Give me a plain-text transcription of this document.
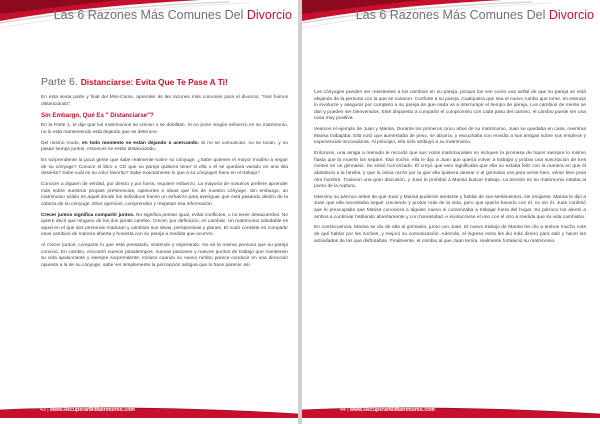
Las 6 Razones Más Comunes Del Divorcio
Parte 6. Distanciarse: Evita Que Te Pase A Ti!

En esta sexta parte y final del Mini-Curso, aprender ás las razones más comunes para el divorcio: "Nos fuimos distanciando".

Sin Embargo, Qué Es " Distanciarse"?

En la Parte 1, te dije que los matrimonios se crecen o se debilitan. Si no pone ningún esfuerzo en su matrimonio, no lo está manteniendo está dejando que se deteriore.

Del mismo modo, en todo momento se están dejando o acercando. Si no se comunican, no se tocan, y no pasan tiempo juntos, entonces se están distanciando.

Es sorprendente la poca gente que sabe realmente sobre su cónyuge. ¿Sabe quienes el mayor modelo a seguir de su cónyuge? Conoce el libro o CD que su pareja quisiera tener si ella o él se quedara varado en una isla desierta? Sabe cuál es su color favorito? Sabe exactamente lo que a su cónyuges hace en el trabajo?

Conocer a alguien de verdad, por dentro y por fuera, requiere esfuerzo. La mayoría de nosotros prefiere aprender más sobre nuestros propias preferencias, opiniones e ideas que los de nuestro cónyuge. Sin embargo, un matrimonio sólido es aquel donde los individuos hacen un esfuerzo para averiguar que está pasando dentro de la cabeza de su cónyuge. Ellos aprecian, comprenden y respetan esa información.

Crecer juntos significa compartir juntos. No significa pensar igual, evitar conflictos, o no tener desacuerdos. No quiere decir que ninguno de los dos jamás cambie. Crecer, por definición, es cambiar. Un matrimonio saludable es aquel en el que dos personas maduran y cambian sus ideas, perspectivas y planes. El nudo consiste en compartir esos cambios de manera abierta y honesta con su pareja a medida que ocurren.

Al crecer juntos, comparte lo que está pensando, sintiendo y esperando. No es la misma persona que su pareja conoció. En cambio, encontró nuevos pasatiempos, nuevas pasiones y nuevos puntos de trabajo que mantienen su vida apasionante y siempre sorprendente. Incluso cuando su nuevo rumbo parece conducir en una dirección opuesta a la de su cónyuge, sabe ver simplemente la percepción antigua que lo hace parecer así.

43 | www.RecuperarMiMatrimonio.com
Las 6 Razones Más Comunes Del Divorcio

Los cónyuges pueden ser resistentes a los cambios en su pareja, porque los ven como una señal de que su pareja se está alejando de la persona con la que se casaron. Conforte a su pareja. Cualquiera que sea el nuevo rumbo que tome, en esencia lo involucre y asegurar por completo a su pareja de que nada va a interrumpir el tiempo de pareja. Los cambios de mente se dan y pueden ser bienvenidos. Esté dispuesto a compartir el compromiso con cada paso del camino, el cambio puede ser una cosa muy positiva.

Veamos el ejemplo de Juan y Marisa. Durante los primeros cinco años de su matrimonio, Juan se quedaba en casa, mientras Marisa trabajaba. Ella notó que aumentaba de peso, se aburría, y escuchaba con envidia a sus amigas sobre sus empleos y experiencias innovadoras. Al principio, ella sólo atribuyó a su matrimonio.

Entonces, una amiga a menudo le recordó que sus votos matrimoniales no incluyen la promesa de hacer siempre lo mismo hasta que la muerte los separe. Esa noche, ella le dijo a Juan que quería volver a trabajar y probar una suscripción de tres meses en un gimnasio. Se sintió horrorizado. Él creyó que esto significaba que ella no estaba feliz con la manera en que él abastecía a la familia, y que la única razón por la que ella quisiera desear ir al gimnasio era para verse bien, verse bien para otro hombre. Tuvieron una gran discusión, y Juan le prohibió a Marisa buscar trabajo. La tensión en su matrimonio estaba al punto de la ruptura.

Intervino su párroco antes de que Juan y Marisa pudieran sentarse y hablar de sus sentimientos, sin enojarse. Marisa le dijo a Juan que ella necesitaba seguir creciendo y probar más de la vida, pero que quería hacerlo con él, no sin él. Juan confesó que le preocupaba que Marisa conociera a alguien nuevo si comenzaba a trabajar fuera del hogar. Su párroco los alentó a ambos a continuar hablando abiertamente y con honestidad, e involucrarse el uno con el otro a medida que su vida cambiaba.

En consecuencia, Marisa se dio de alta al gimnasio, junto con Juan. El nuevo trabajo de Marisa les dio a ambos mucho más de qué hablar por las noches, y mejoró su comunicación. Además, el ingreso extra les dio más dinero para salir y hacer las actividades de las que disfrutaban. Finalmente, el cambio al que Juan temía, realmente fortaleció su matrimonio.

44 | www.RecuperarMiMatrimonio.com
